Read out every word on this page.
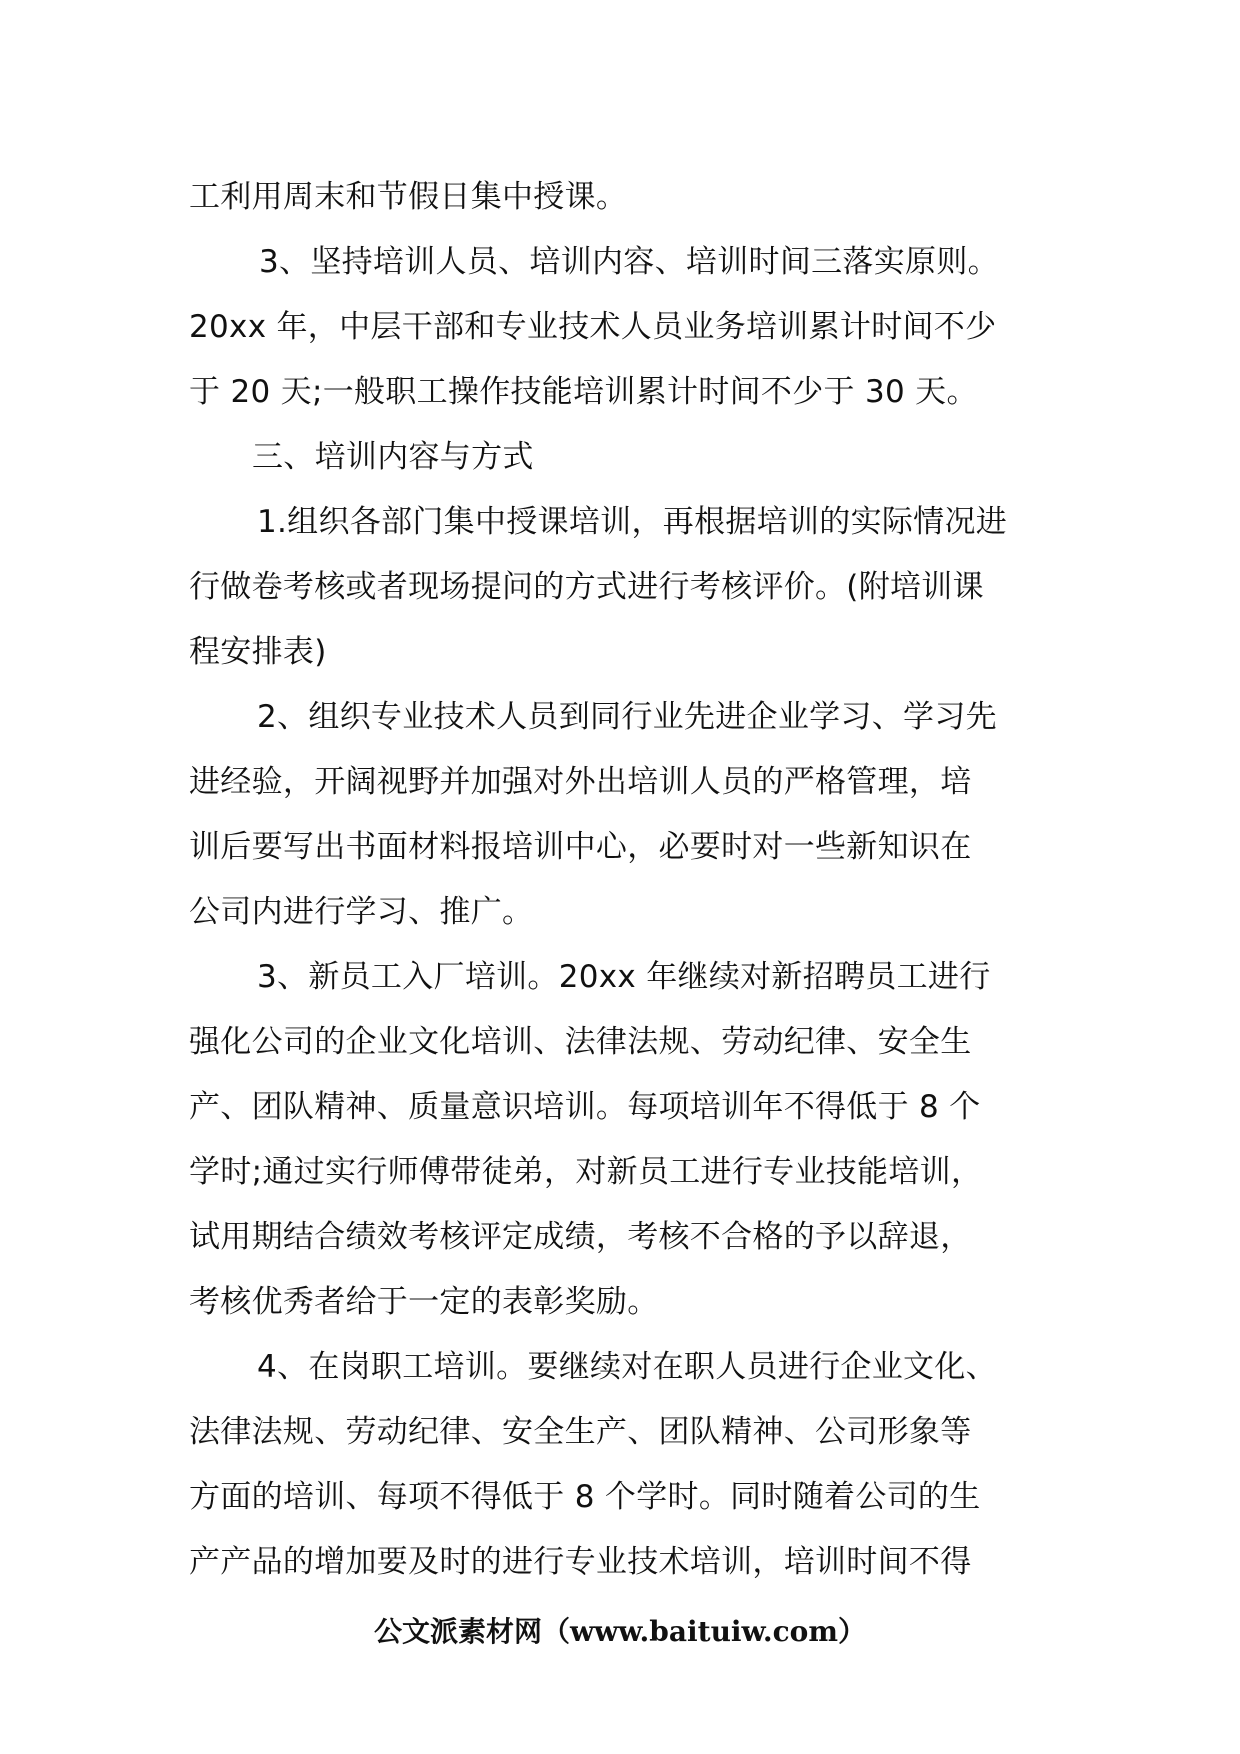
工利用周末和节假日集中授课。
3、坚持培训人员、培训内容、培训时间三落实原则。
20xx 年，中层干部和专业技术人员业务培训累计时间不少
于 20 天;一般职工操作技能培训累计时间不少于 30 天。
三、培训内容与方式
1.组织各部门集中授课培训，再根据培训的实际情况进
行做卷考核或者现场提问的方式进行考核评价。(附培训课
程安排表)
2、组织专业技术人员到同行业先进企业学习、学习先
进经验，开阔视野并加强对外出培训人员的严格管理，培
训后要写出书面材料报培训中心，必要时对一些新知识在
公司内进行学习、推广。
3、新员工入厂培训。20xx 年继续对新招聘员工进行
强化公司的企业文化培训、法律法规、劳动纪律、安全生
产、团队精神、质量意识培训。每项培训年不得低于 8 个
学时;通过实行师傅带徒弟，对新员工进行专业技能培训，
试用期结合绩效考核评定成绩，考核不合格的予以辞退，
考核优秀者给于一定的表彰奖励。
4、在岗职工培训。要继续对在职人员进行企业文化、
法律法规、劳动纪律、安全生产、团队精神、公司形象等
方面的培训、每项不得低于 8 个学时。同时随着公司的生
产产品的增加要及时的进行专业技术培训，培训时间不得
公文派素材网（www.baituiw.com）
